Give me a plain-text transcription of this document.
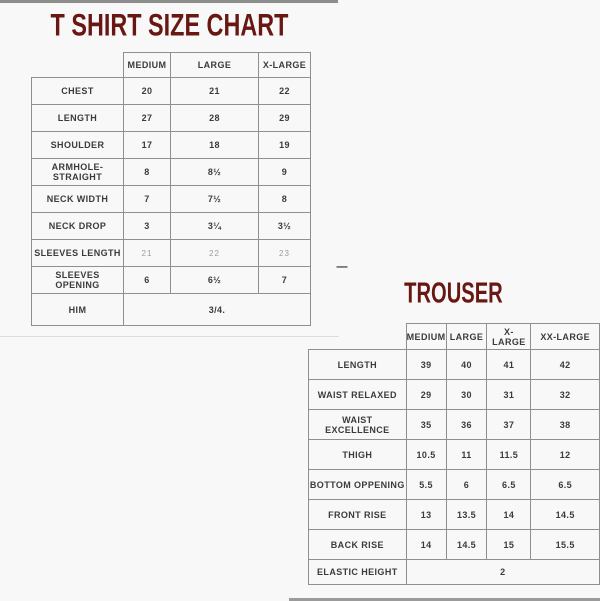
T SHIRT SIZE CHART
	MEDIUM	LARGE	X-LARGE
CHEST	20	21	22
LENGTH	27	28	29
SHOULDER	17	18	19
ARMHOLE-STRAIGHT	8	8½	9
NECK WIDTH	7	7½	8
NECK DROP	3	3¼	3½
SLEEVES LENGTH	21	22	23
SLEEVES OPENING	6	6½	7
HIM	3/4.		
—
TROUSER
	MEDIUM	LARGE	X-LARGE	XX-LARGE
LENGTH	39	40	41	42
WAIST RELAXED	29	30	31	32
WAIST EXCELLENCE	35	36	37	38
THIGH	10.5	11	11.5	12
BOTTOM OPPENING	5.5	6	6.5	6.5
FRONT RISE	13	13.5	14	14.5
BACK RISE	14	14.5	15	15.5
ELASTIC HEIGHT	2			
